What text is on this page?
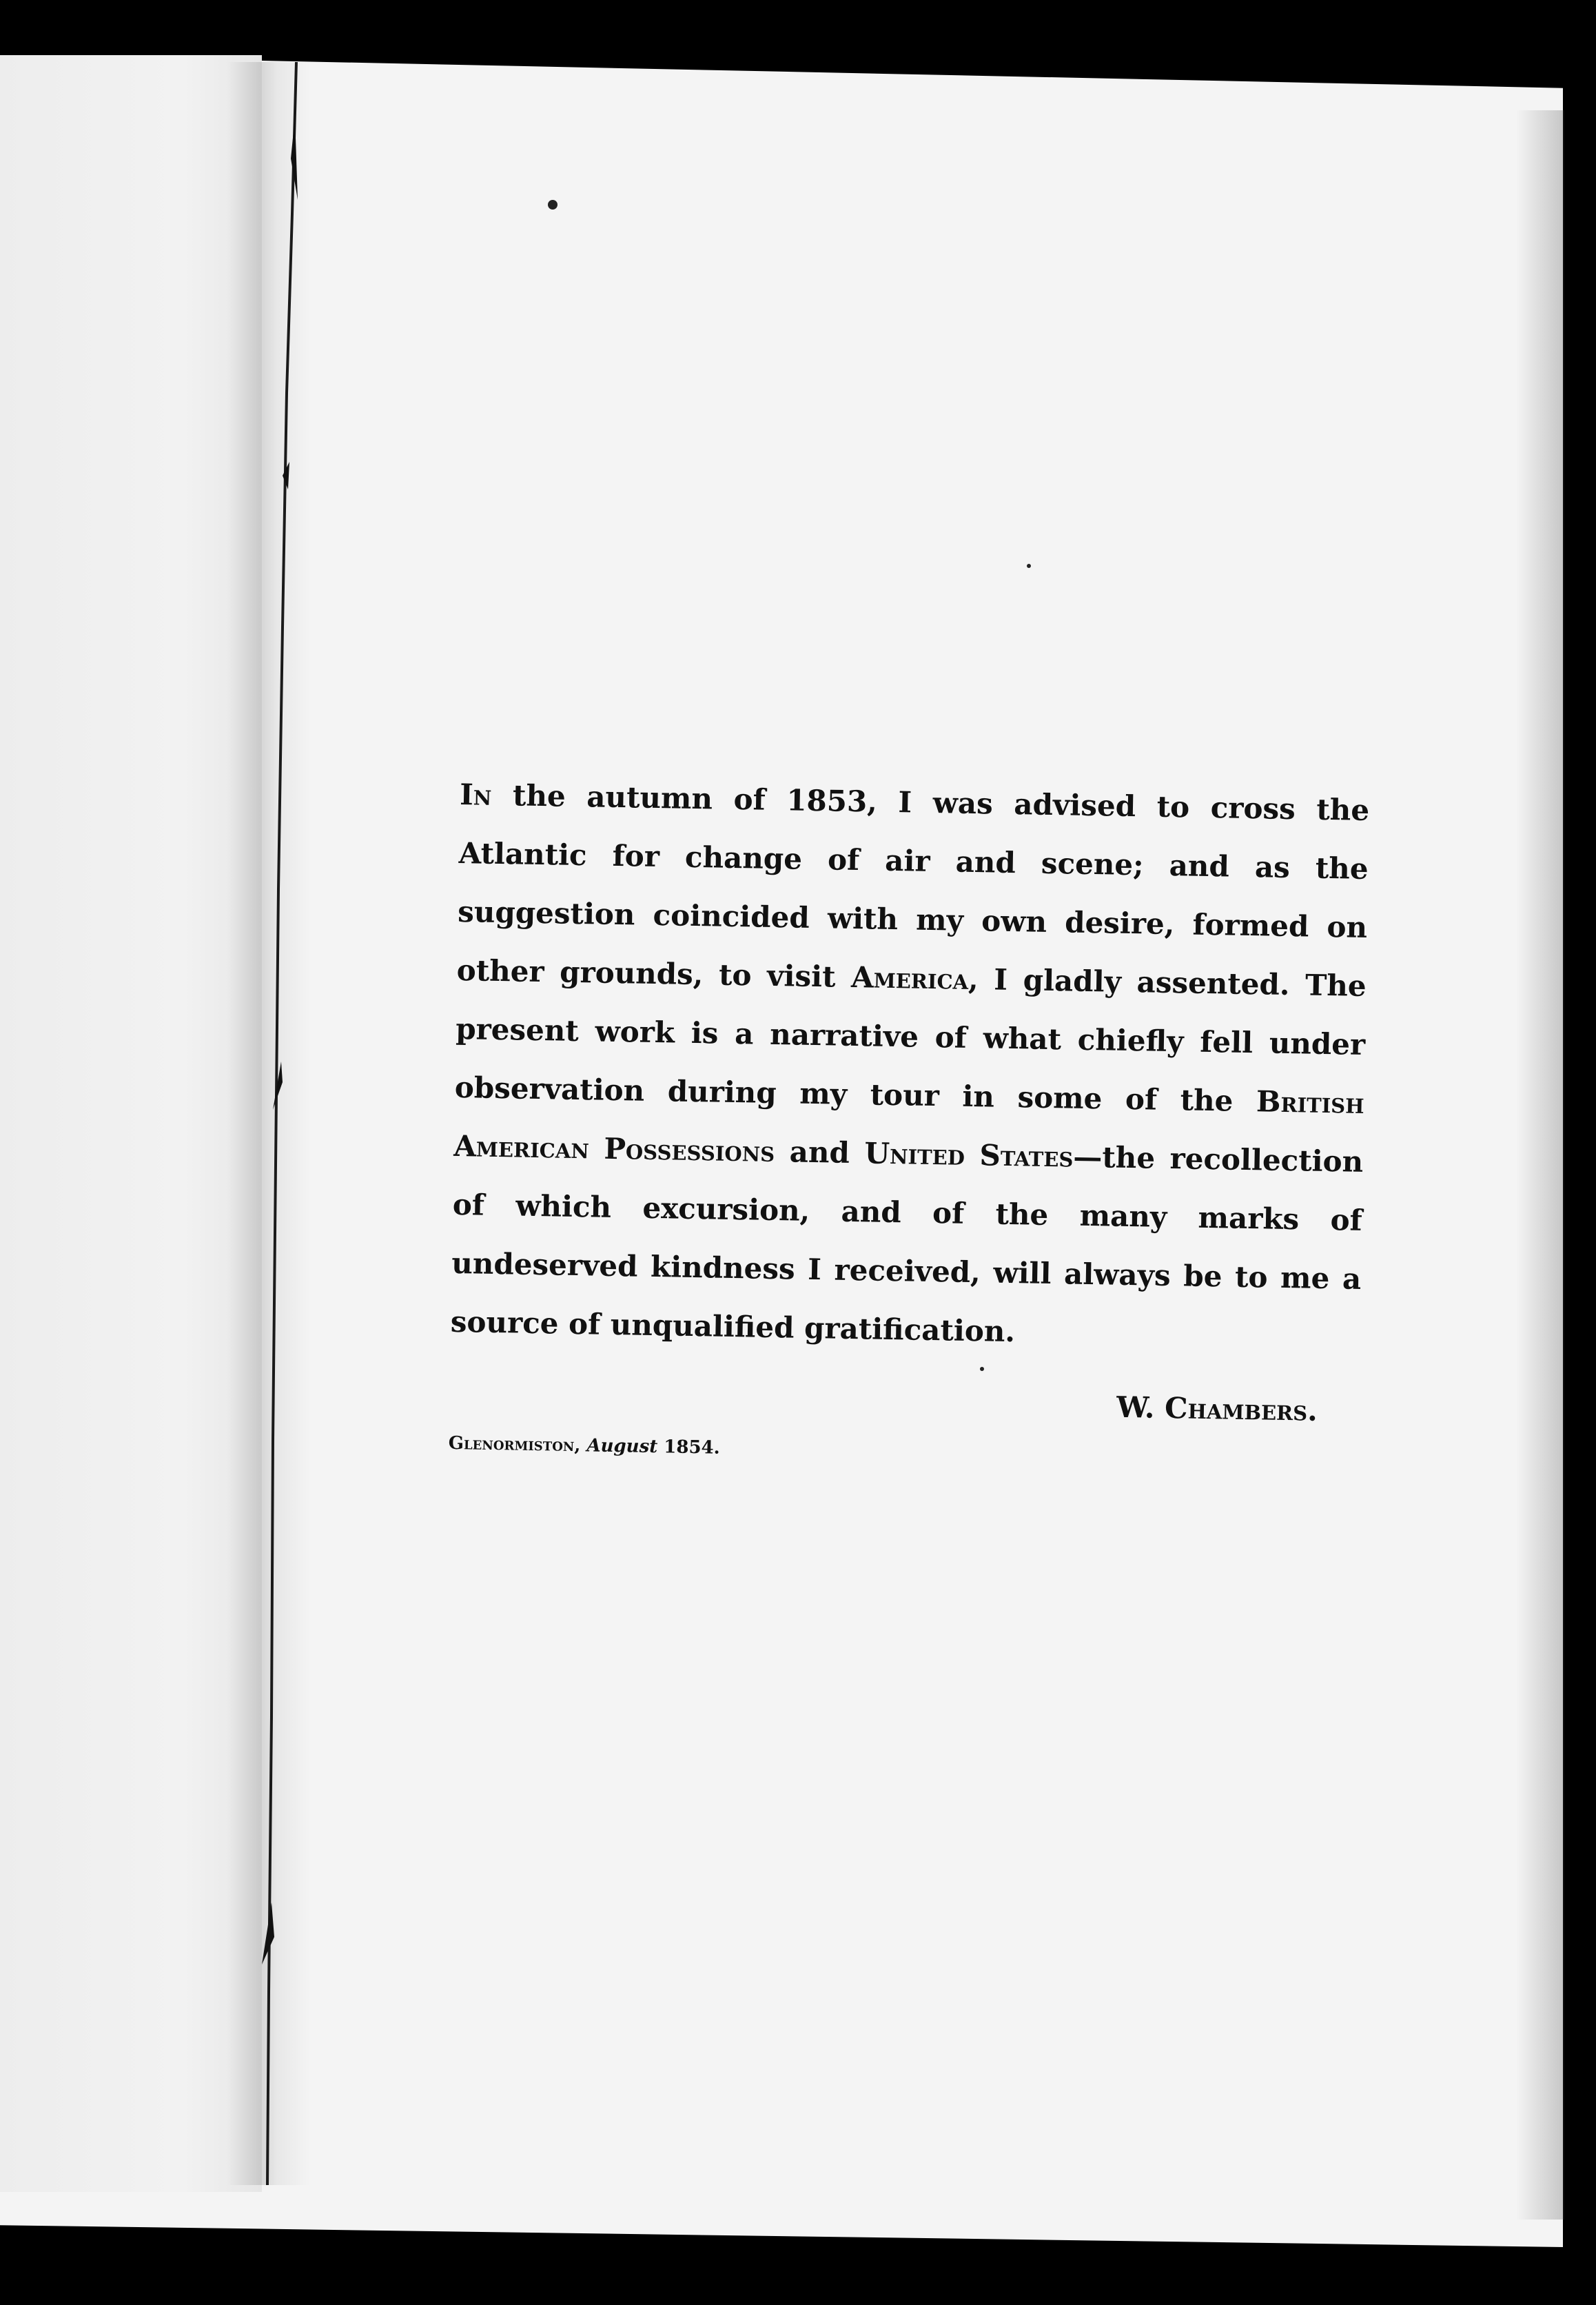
In the autumn of 1853, I was advised to cross the Atlantic for change of air and scene; and as the suggestion coincided with my own desire, formed on other grounds, to visit America, I gladly assented. The present work is a narrative of what chiefly fell under observation during my tour in some of the British American Possessions and United States—the recollection of which excursion, and of the many marks of undeserved kindness I received, will always be to me a source of unqualified gratification.

W. Chambers.
Glenormiston, August 1854.
